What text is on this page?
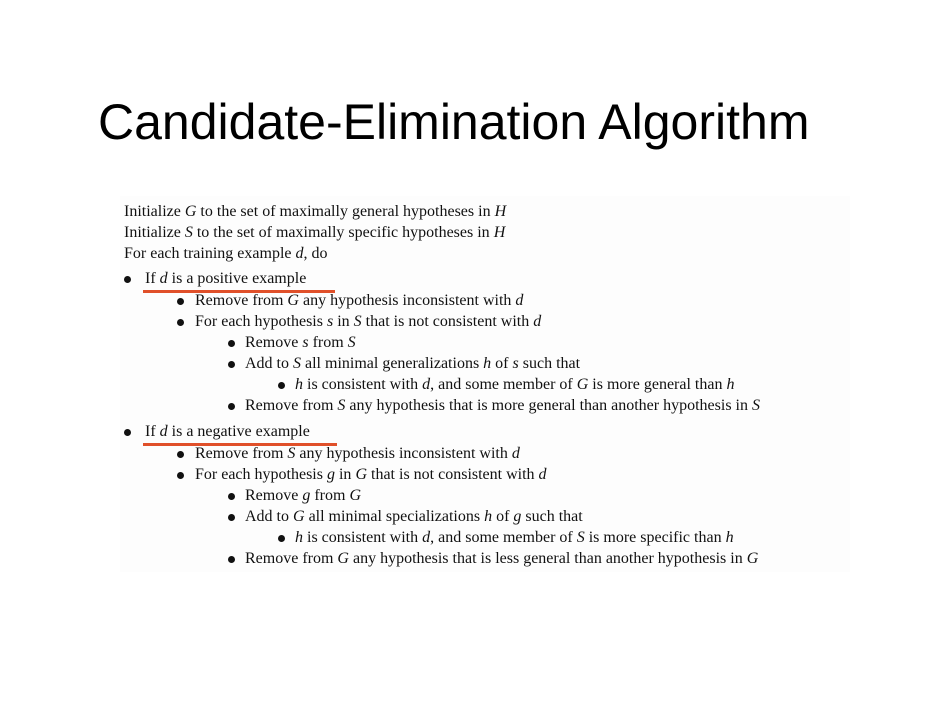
Candidate-Elimination Algorithm
Initialize G to the set of maximally general hypotheses in H
Initialize S to the set of maximally specific hypotheses in H
For each training example d, do
If d is a positive example
Remove from G any hypothesis inconsistent with d
For each hypothesis s in S that is not consistent with d
Remove s from S
Add to S all minimal generalizations h of s such that
h is consistent with d, and some member of G is more general than h
Remove from S any hypothesis that is more general than another hypothesis in S
If d is a negative example
Remove from S any hypothesis inconsistent with d
For each hypothesis g in G that is not consistent with d
Remove g from G
Add to G all minimal specializations h of g such that
h is consistent with d, and some member of S is more specific than h
Remove from G any hypothesis that is less general than another hypothesis in G
